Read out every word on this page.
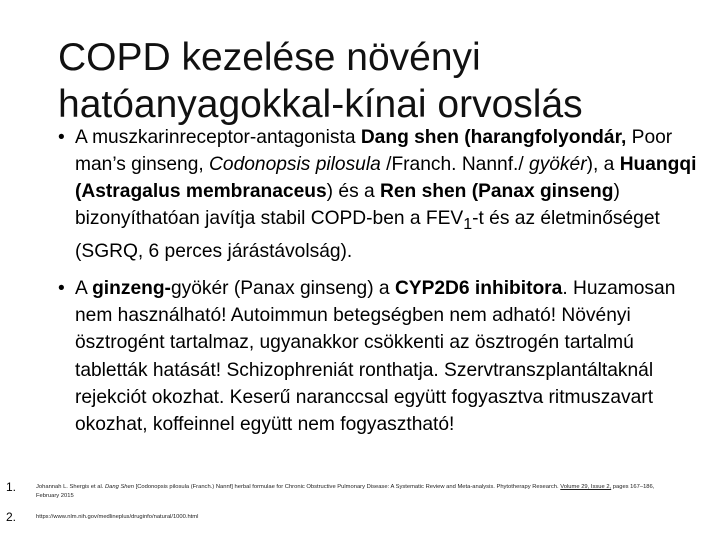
COPD kezelése növényi
hatóanyagokkal-kínai orvoslás
• A muszkarinreceptor-antagonista Dang shen (harangfolyondár, Poor man’s ginseng, Codonopsis pilosula /Franch. Nannf./ gyökér), a Huangqi (Astragalus membranaceus) és a Ren shen (Panax ginseng) bizonyíthatóan javítja stabil COPD-ben a $FEV_1-t$ és az életminőséget (SGRQ, 6 perces járástávolság).
• A ginzeng-gyökér (Panax ginseng) a CYP2D6 inhibitora. Huzamosan nem használható! Autoimmun betegségben nem adható! Növényi ösztrogént tartalmaz, ugyanakkor csökkenti az ösztrogén tartalmú tabletták hatását! Schizophreniát ronthatja. Szervtranszplantáltaknál rejekciót okozhat. Keserű naranccsal együtt fogyasztva ritmuszavart okozhat, koffeinnel együtt nem fogyasztható!
1.	Johannah L. Shergis et al. Dang Shen [Codonopsis pilosula (Franch.) Nannf] herbal formulae for Chronic Obstructive Pulmonary Disease: A Systematic Review and Meta-analysis. Phytotherapy Research. Volume 29, Issue 2, pages 167–186, February 2015
2.	https://www.nlm.nih.gov/medlineplus/druginfo/natural/1000.html
